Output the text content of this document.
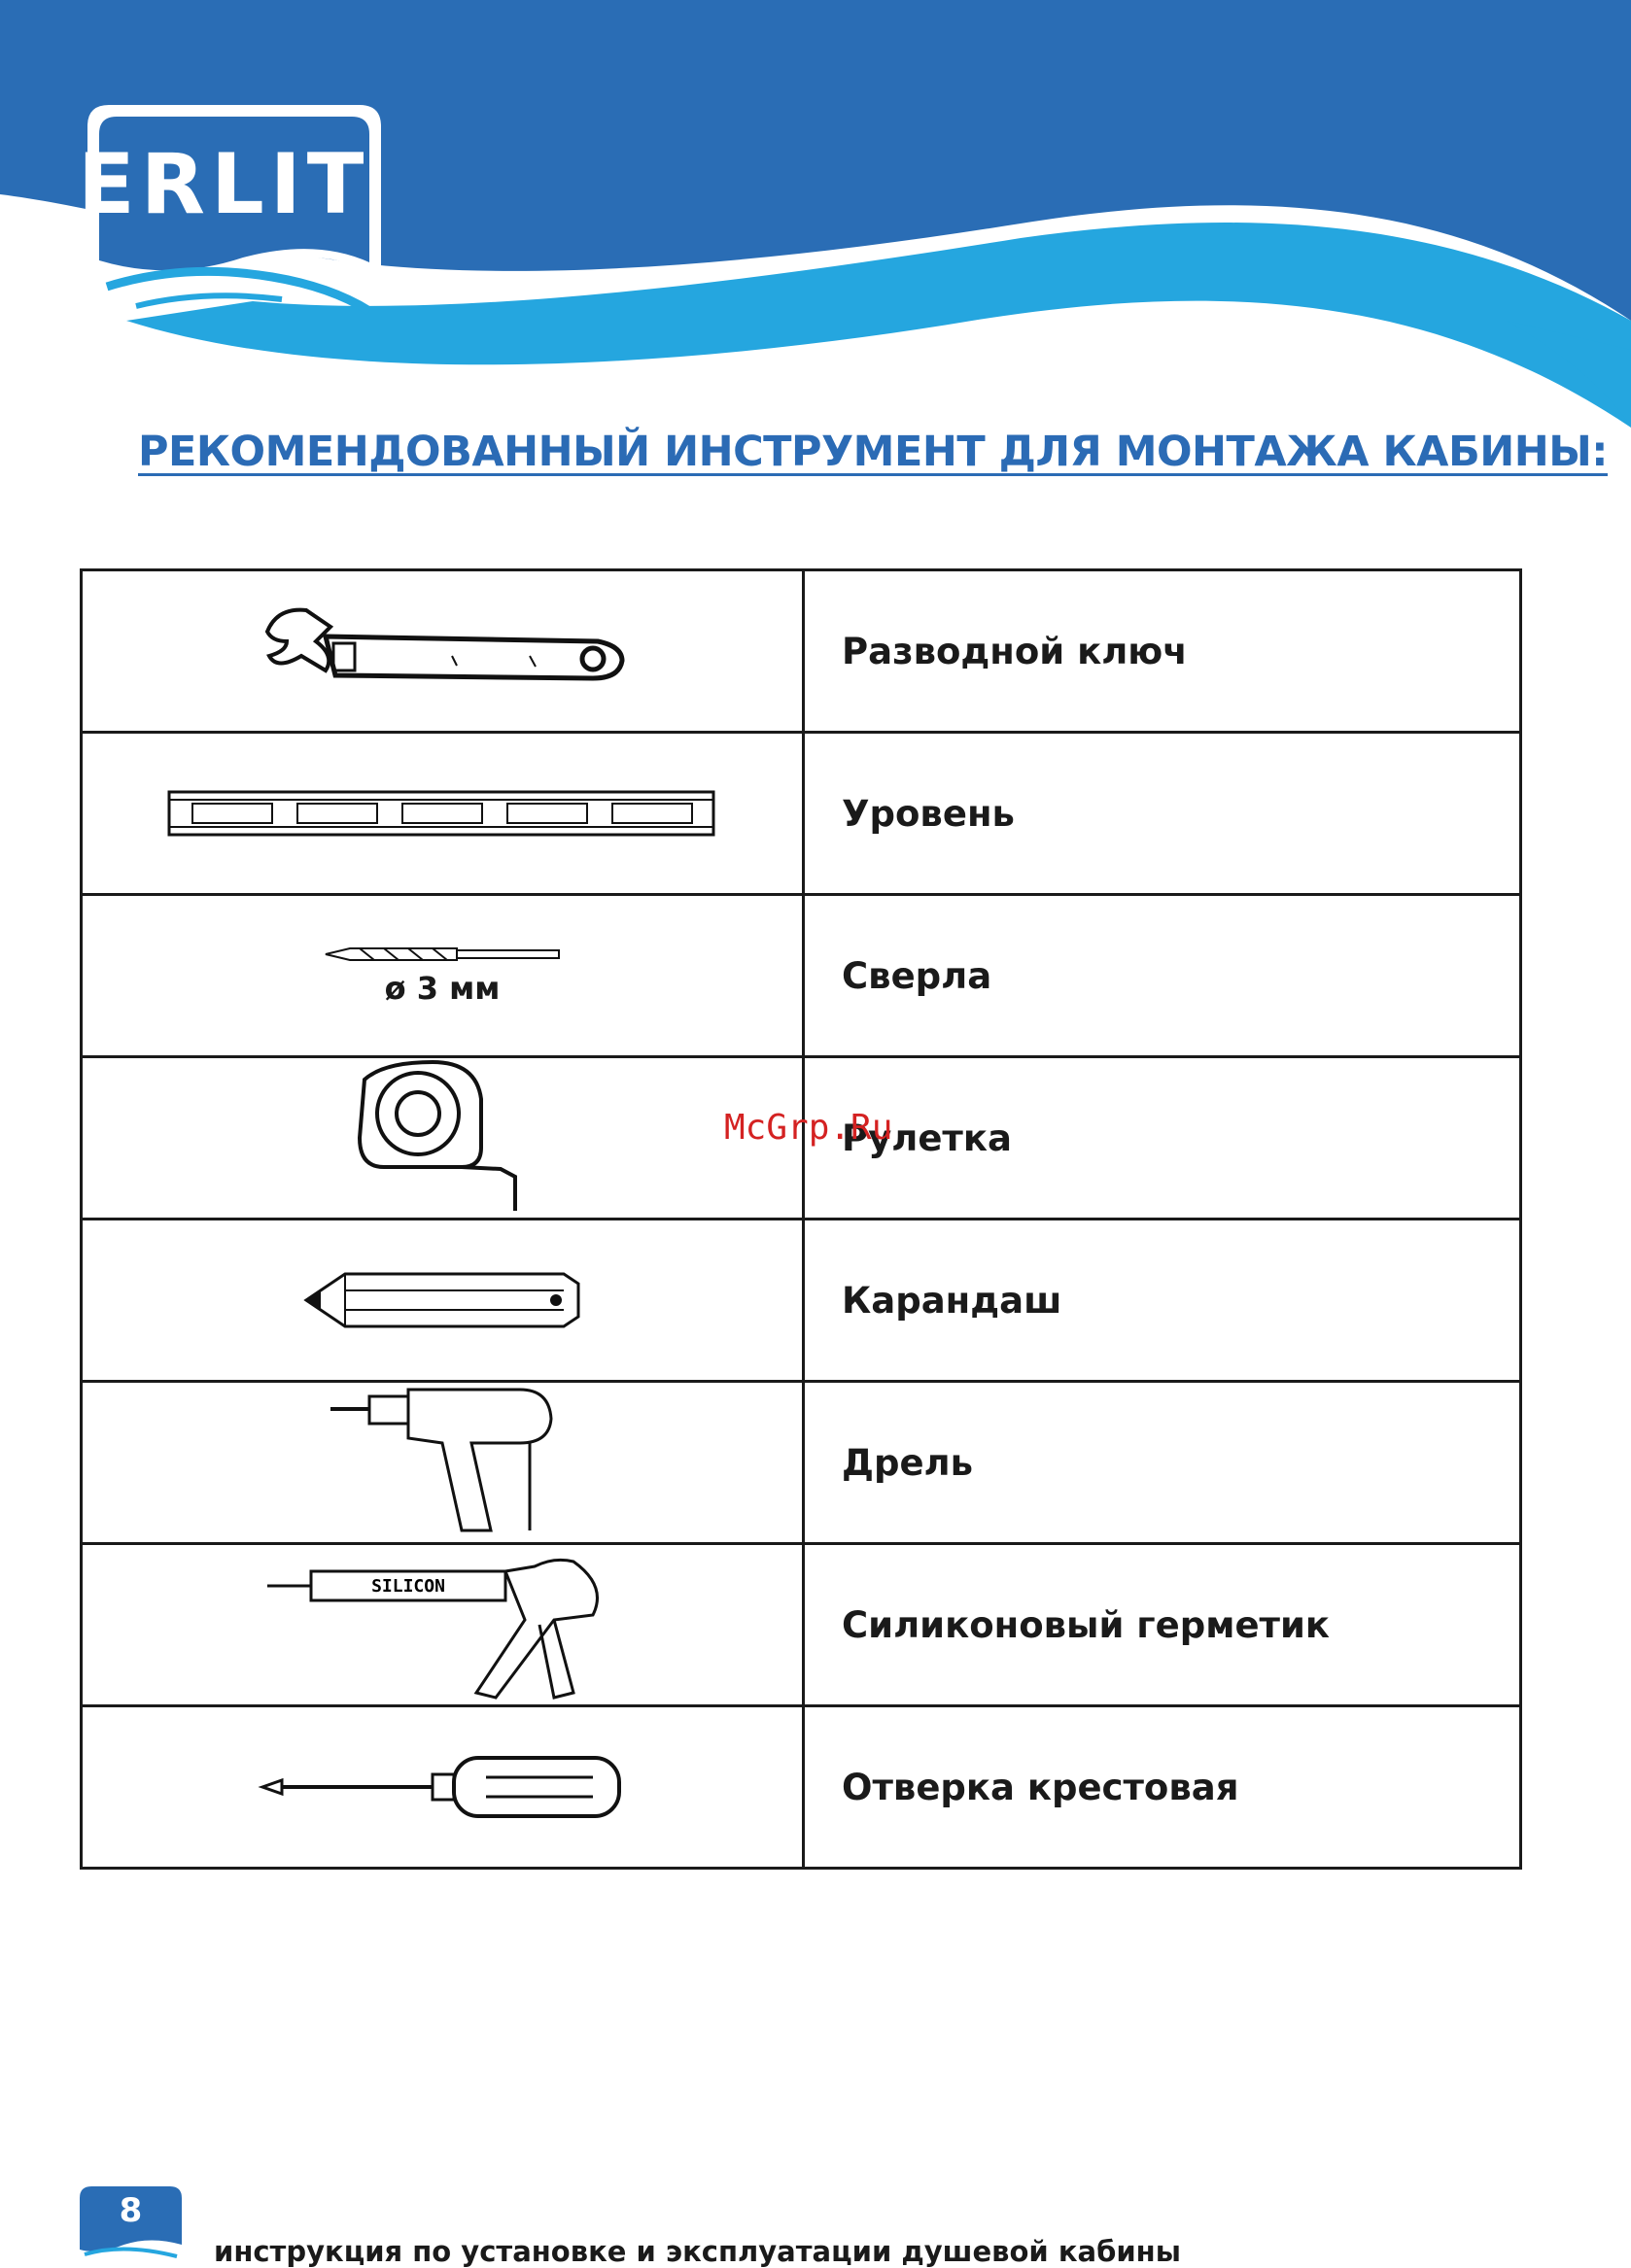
ERLIT
РЕКОМЕНДОВАННЫЙ ИНСТРУМЕНТ ДЛЯ МОНТАЖА КАБИНЫ:
	Разводной ключ

	Уровень

ø 3 мм	Сверла

	Рулетка

	Карандаш

	Дрель

SILICON	Силиконовый герметик

	Отверка крестовая
McGrp.Ru
8
инструкция по установке и эксплуатации душевой кабины
